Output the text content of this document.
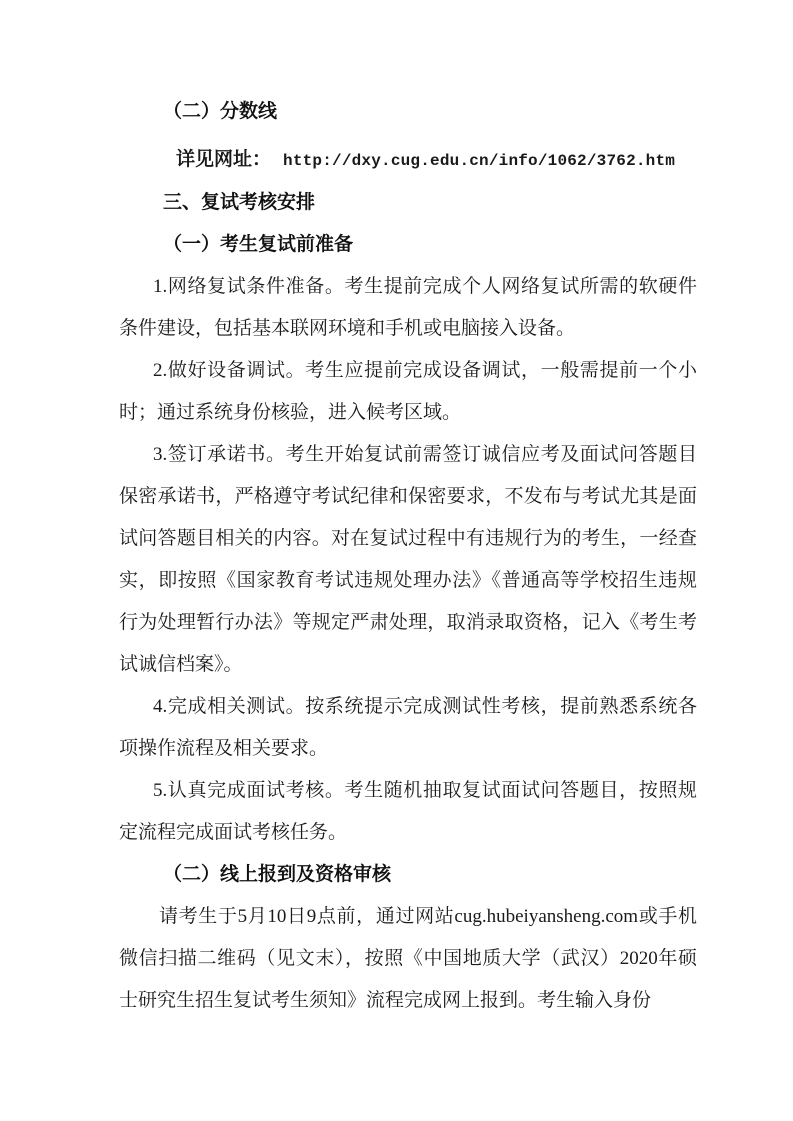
（二）分数线

详见网址： http://dxy.cug.edu.cn/info/1062/3762.htm

三、复试考核安排

（一）考生复试前准备

1.网络复试条件准备。考生提前完成个人网络复试所需的软硬件条件建设，包括基本联网环境和手机或电脑接入设备。

2.做好设备调试。考生应提前完成设备调试，一般需提前一个小时；通过系统身份核验，进入候考区域。

3.签订承诺书。考生开始复试前需签订诚信应考及面试问答题目保密承诺书，严格遵守考试纪律和保密要求，不发布与考试尤其是面试问答题目相关的内容。对在复试过程中有违规行为的考生，一经查实，即按照《国家教育考试违规处理办法》《普通高等学校招生违规行为处理暂行办法》等规定严肃处理，取消录取资格，记入《考生考试诚信档案》。

4.完成相关测试。按系统提示完成测试性考核，提前熟悉系统各项操作流程及相关要求。

5.认真完成面试考核。考生随机抽取复试面试问答题目，按照规定流程完成面试考核任务。

（二）线上报到及资格审核

请考生于5月10日9点前，通过网站cug.hubeiyansheng.com或手机微信扫描二维码（见文末），按照《中国地质大学（武汉）2020年硕士研究生招生复试考生须知》流程完成网上报到。考生输入身份
